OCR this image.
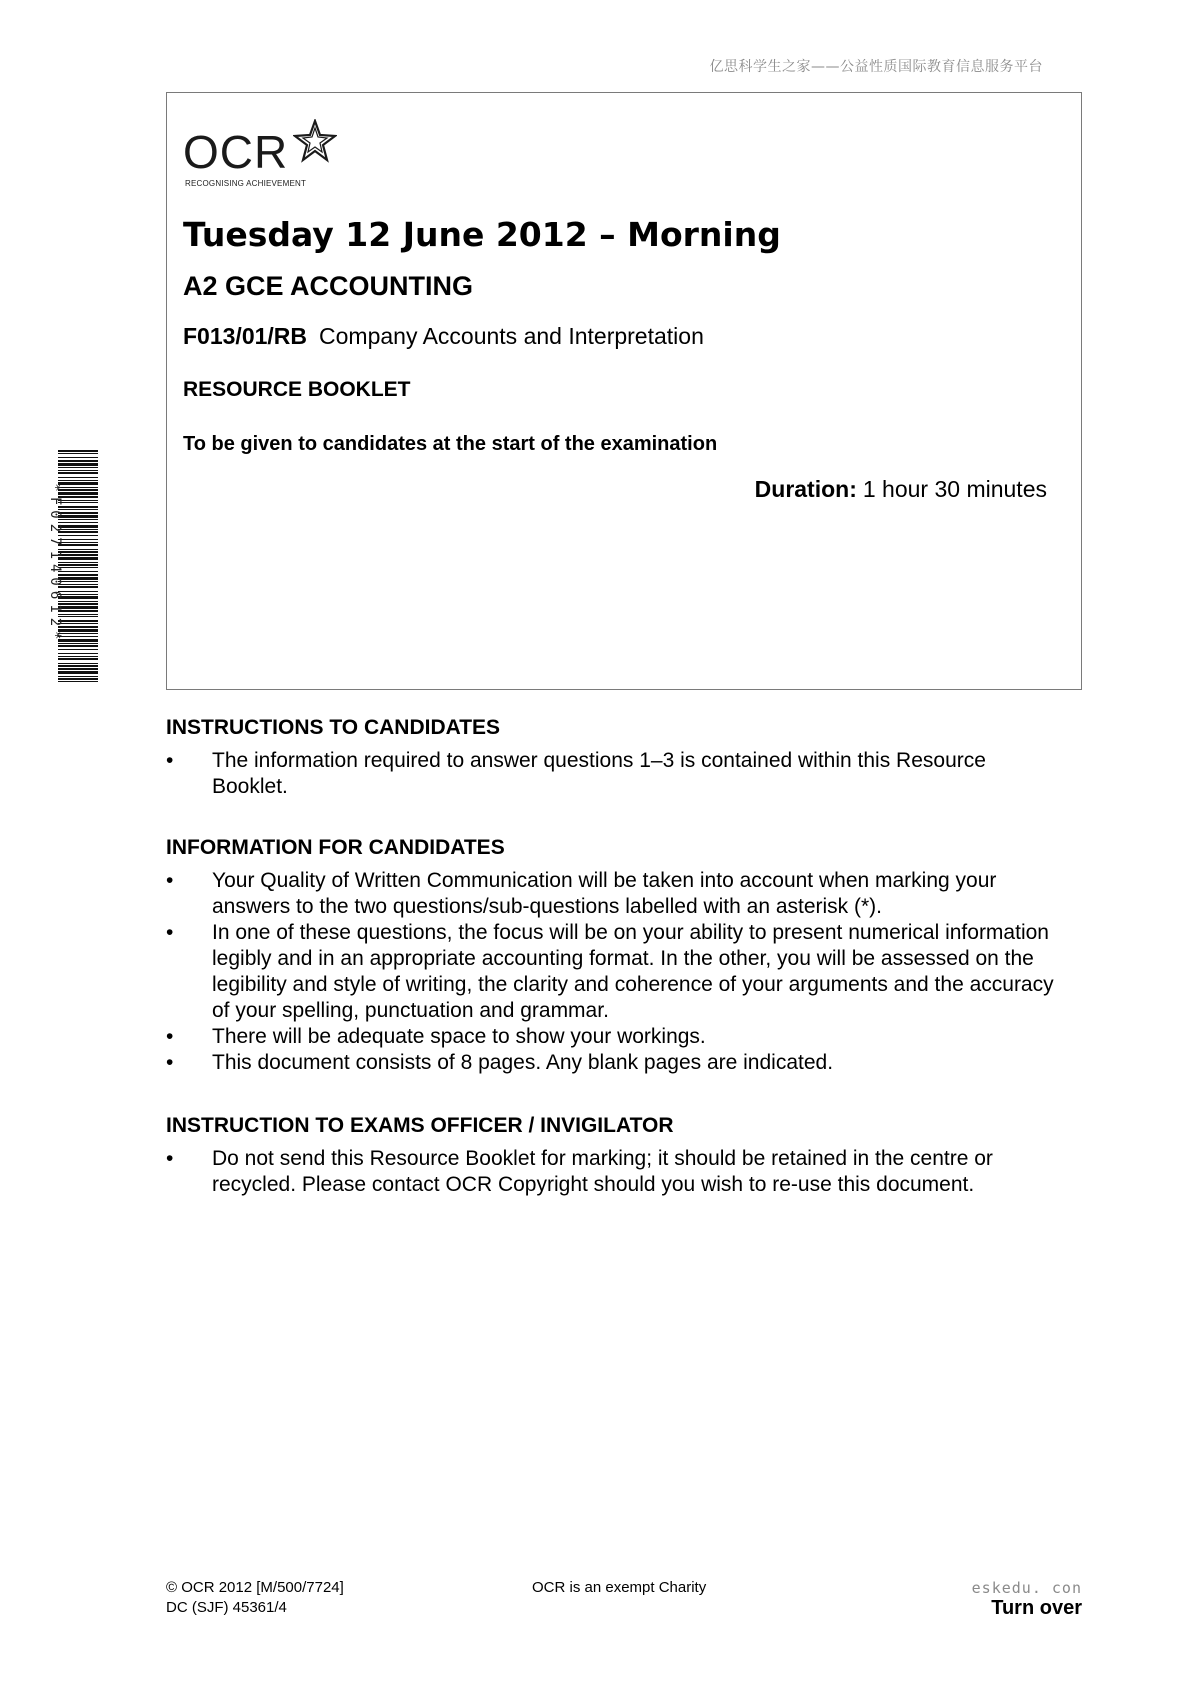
亿思科学生之家——公益性质国际教育信息服务平台
*F027140612*
OCR
RECOGNISING ACHIEVEMENT
Tuesday 12 June 2012 – Morning
A2 GCE ACCOUNTING
F013/01/RB Company Accounts and Interpretation
RESOURCE BOOKLET
To be given to candidates at the start of the examination
Duration: 1 hour 30 minutes
INSTRUCTIONS TO CANDIDATES
• The information required to answer questions 1–3 is contained within this Resource Booklet.
INFORMATION FOR CANDIDATES
• Your Quality of Written Communication will be taken into account when marking your answers to the two questions/sub-questions labelled with an asterisk (*).
• In one of these questions, the focus will be on your ability to present numerical information legibly and in an appropriate accounting format. In the other, you will be assessed on the legibility and style of writing, the clarity and coherence of your arguments and the accuracy of your spelling, punctuation and grammar.
• There will be adequate space to show your workings.
• This document consists of 8 pages. Any blank pages are indicated.
INSTRUCTION TO EXAMS OFFICER / INVIGILATOR
• Do not send this Resource Booklet for marking; it should be retained in the centre or recycled. Please contact OCR Copyright should you wish to re-use this document.
© OCR 2012 [M/500/7724]
DC (SJF) 45361/4
OCR is an exempt Charity	eskedu. con
Turn over
